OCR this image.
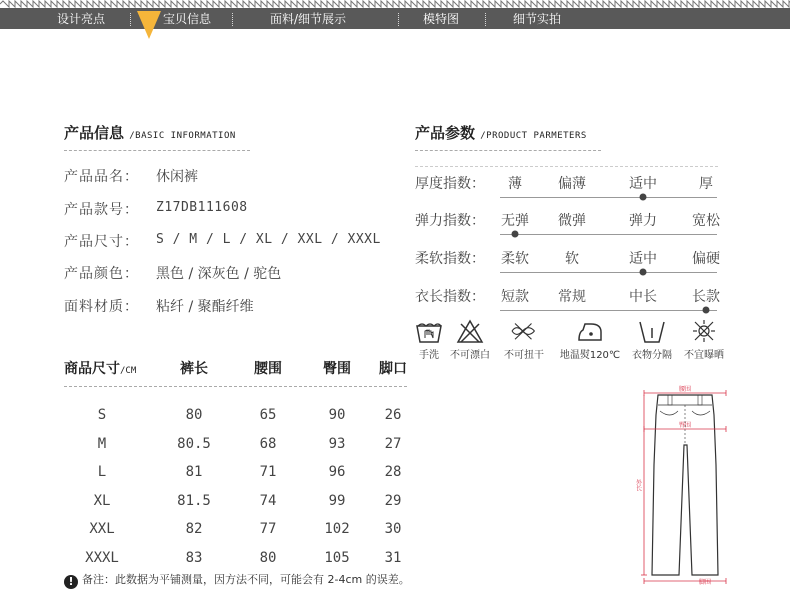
设计亮点	宝贝信息	面料/细节展示	模特图	细节实拍
产品信息 /BASIC INFORMATION
产品品名： 休闲裤
产品款号： Z17DB111608
产品尺寸： S / M / L / XL / XXL / XXXL
产品颜色： 黑色 / 深灰色 / 驼色
面料材质： 粘纤 / 聚酯纤维
产品参数 /PRODUCT PARMETERS
厚度指数： 薄	偏薄	适中	厚
弹力指数： 无弹 微弹	弹力	宽松
柔软指数： 柔软	软	适中	偏硬
衣长指数： 短款 常规	中长	长款
手洗 不可漂白 不可扭干 地温熨120℃ 衣物分隔 不宜曝晒
商品尺寸/CM	裤长	腰围	臀围 脚口
S	80	65	90	26
M	80.5	68	93	27
L	81	71	96	28
XL	81.5	74	99	29
XXL	82	77	102 30
XXXL	83	80	105 31
! 备注：此数据为平铺测量，因方法不同，可能会有 2-4cm 的误差。
腰围
臀围
外长
脚围
